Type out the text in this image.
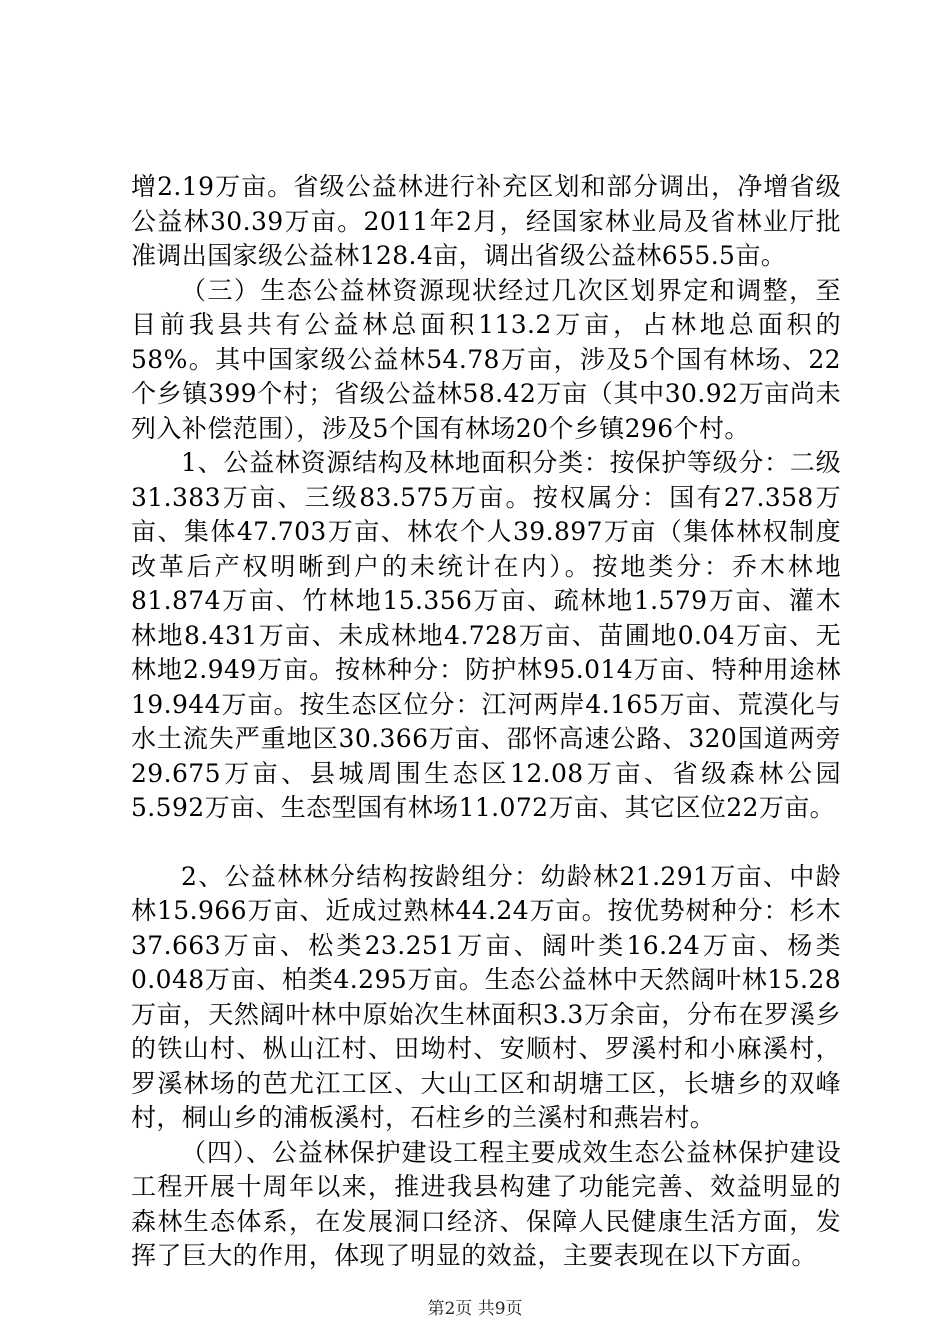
增2.19万亩。省级公益林进行补充区划和部分调出，净增省级公益林30.39万亩。2011年2月，经国家林业局及省林业厅批准调出国家级公益林128.4亩，调出省级公益林655.5亩。

（三）生态公益林资源现状经过几次区划界定和调整，至目前我县共有公益林总面积113.2万亩，占林地总面积的58%。其中国家级公益林54.78万亩，涉及5个国有林场、22个乡镇399个村；省级公益林58.42万亩（其中30.92万亩尚未列入补偿范围），涉及5个国有林场20个乡镇296个村。

1、公益林资源结构及林地面积分类：按保护等级分：二级31.383万亩、三级83.575万亩。按权属分：国有27.358万亩、集体47.703万亩、林农个人39.897万亩（集体林权制度改革后产权明晰到户的未统计在内）。按地类分：乔木林地81.874万亩、竹林地15.356万亩、疏林地1.579万亩、灌木林地8.431万亩、未成林地4.728万亩、苗圃地0.04万亩、无林地2.949万亩。按林种分：防护林95.014万亩、特种用途林19.944万亩。按生态区位分：江河两岸4.165万亩、荒漠化与水土流失严重地区30.366万亩、邵怀高速公路、320国道两旁29.675万亩、县城周围生态区12.08万亩、省级森林公园5.592万亩、生态型国有林场11.072万亩、其它区位22万亩。

2、公益林林分结构按龄组分：幼龄林21.291万亩、中龄林15.966万亩、近成过熟林44.24万亩。按优势树种分：杉木37.663万亩、松类23.251万亩、阔叶类16.24万亩、杨类0.048万亩、柏类4.295万亩。生态公益林中天然阔叶林15.28万亩，天然阔叶林中原始次生林面积3.3万余亩，分布在罗溪乡的铁山村、枞山江村、田坳村、安顺村、罗溪村和小麻溪村，罗溪林场的芭尤江工区、大山工区和胡塘工区，长塘乡的双峰村，桐山乡的浦板溪村，石柱乡的兰溪村和燕岩村。

（四）、公益林保护建设工程主要成效生态公益林保护建设工程开展十周年以来，推进我县构建了功能完善、效益明显的森林生态体系，在发展洞口经济、保障人民健康生活方面，发挥了巨大的作用，体现了明显的效益，主要表现在以下方面。

第2页 共9页
